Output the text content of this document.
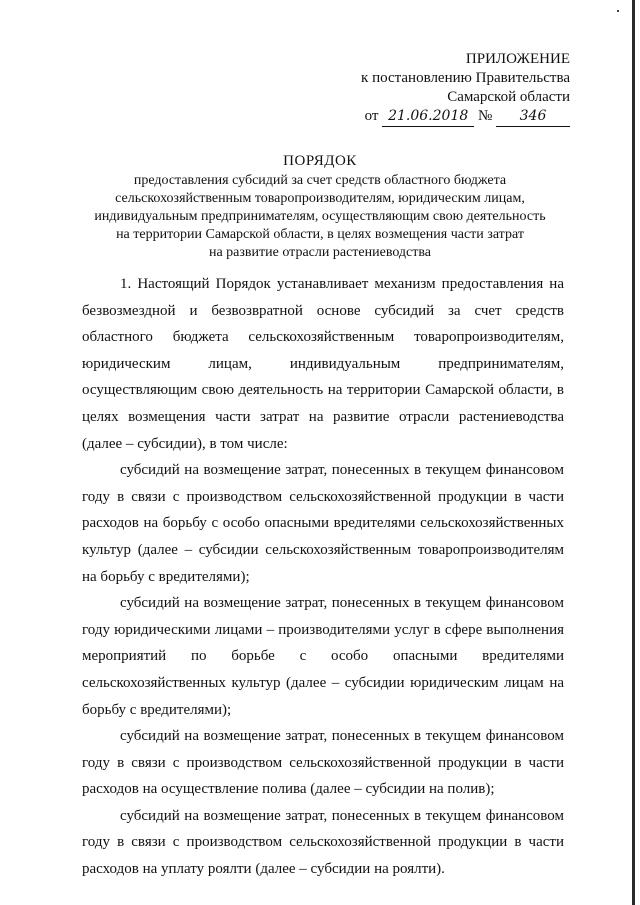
ПРИЛОЖЕНИЕ
к постановлению Правительства
Самарской области
от 21.06.2018 № 346
ПОРЯДОК
предоставления субсидий за счет средств областного бюджета
сельскохозяйственным товаропроизводителям, юридическим лицам,
индивидуальным предпринимателям, осуществляющим свою деятельность
на территории Самарской области, в целях возмещения части затрат
на развитие отрасли растениеводства

1. Настоящий Порядок устанавливает механизм предоставления на безвозмездной и безвозвратной основе субсидий за счет средств областного бюджета сельскохозяйственным товаропроизводителям, юридическим лицам, индивидуальным предпринимателям, осуществляющим свою деятельность на территории Самарской области, в целях возмещения части затрат на развитие отрасли растениеводства (далее – субсидии), в том числе:

субсидий на возмещение затрат, понесенных в текущем финансовом году в связи с производством сельскохозяйственной продукции в части расходов на борьбу с особо опасными вредителями сельскохозяйственных культур (далее – субсидии сельскохозяйственным товаропроизводителям на борьбу с вредителями);

субсидий на возмещение затрат, понесенных в текущем финансовом году юридическими лицами – производителями услуг в сфере выполнения мероприятий по борьбе с особо опасными вредителями сельскохозяйственных культур (далее – субсидии юридическим лицам на борьбу с вредителями);

субсидий на возмещение затрат, понесенных в текущем финансовом году в связи с производством сельскохозяйственной продукции в части расходов на осуществление полива (далее – субсидии на полив);

субсидий на возмещение затрат, понесенных в текущем финансовом году в связи с производством сельскохозяйственной продукции в части расходов на уплату роялти (далее – субсидии на роялти).
